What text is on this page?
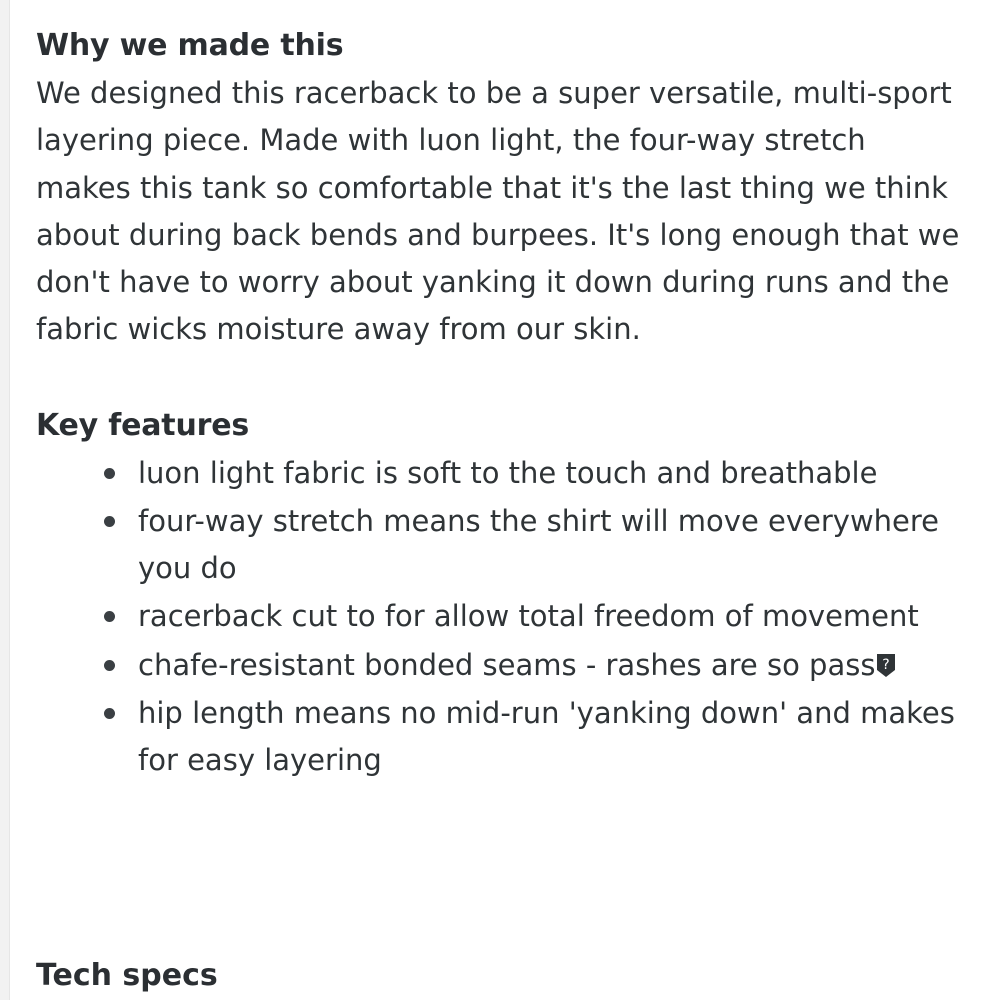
Why we made this

We designed this racerback to be a super versatile, multi-sport layering piece. Made with luon light, the four-way stretch makes this tank so comfortable that it's the last thing we think about during back bends and burpees. It's long enough that we don't have to worry about yanking it down during runs and the fabric wicks moisture away from our skin.

Key features
luon light fabric is soft to the touch and breathable
four-way stretch means the shirt will move everywhere you do
racerback cut to for allow total freedom of movement
chafe-resistant bonded seams - rashes are so pass ?
hip length means no mid-run 'yanking down' and makes for easy layering
Tech specs
